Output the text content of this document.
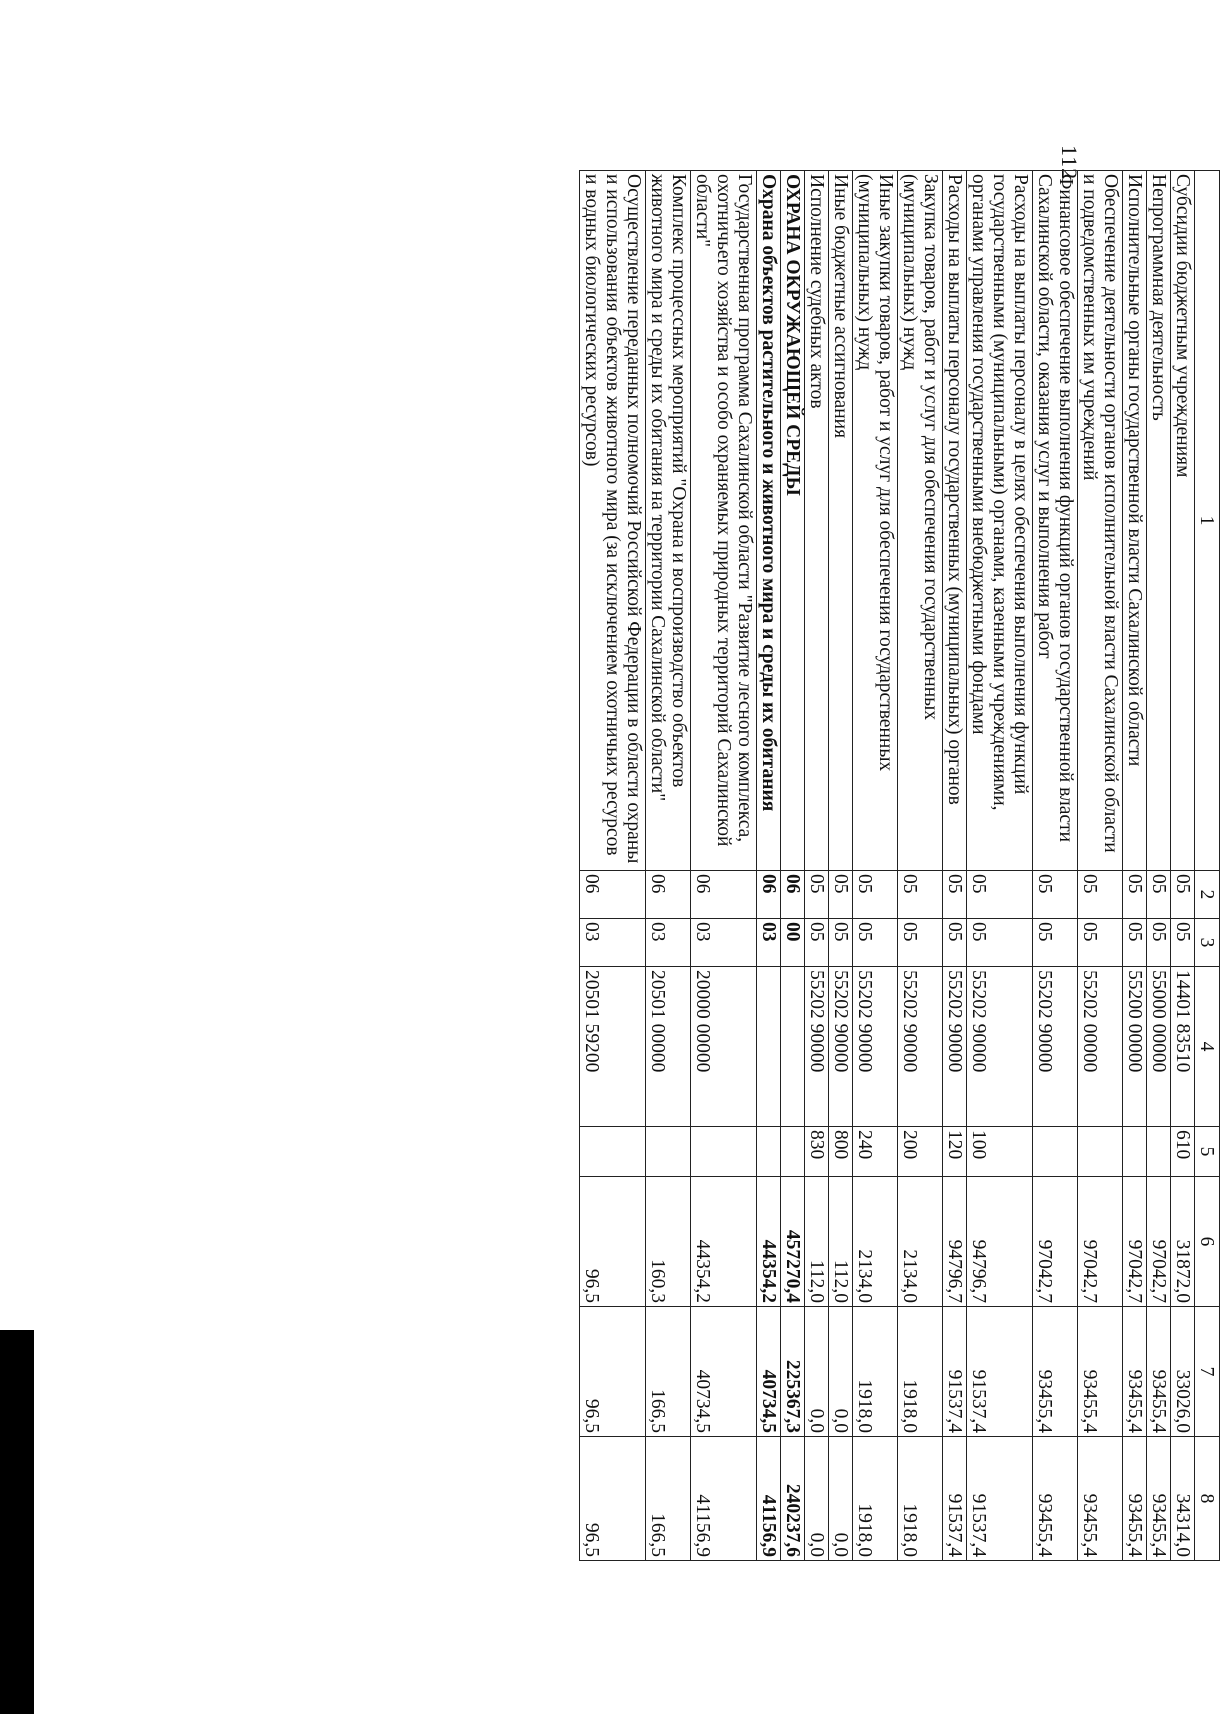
112
1	2	3	4	5	6	7	8
Субсидии бюджетным учреждениям	05	05	14401 83510	610	31872,0	33026,0	34314,0
Непрограммная деятельность	05	05	55000 00000		97042,7	93455,4	93455,4
Исполнительные органы государственной власти Сахалинской области	05	05	55200 00000		97042,7	93455,4	93455,4
Обеспечение деятельности органов исполнительной власти Сахалинской области и подведомственных им учреждений	05	05	55202 00000		97042,7	93455,4	93455,4
Финансовое обеспечение выполнения функций органов государственной власти Сахалинской области, оказания услуг и выполнения работ	05	05	55202 90000		97042,7	93455,4	93455,4
Расходы на выплаты персоналу в целях обеспечения выполнения функций государственными (муниципальными) органами, казенными учреждениями, органами управления государственными внебюджетными фондами	05	05	55202 90000	100	94796,7	91537,4	91537,4
Расходы на выплаты персоналу государственных (муниципальных) органов	05	05	55202 90000	120	94796,7	91537,4	91537,4
Закупка товаров, работ и услуг для обеспечения государственных (муниципальных) нужд	05	05	55202 90000	200	2134,0	1918,0	1918,0
Иные закупки товаров, работ и услуг для обеспечения государственных (муниципальных) нужд	05	05	55202 90000	240	2134,0	1918,0	1918,0
Иные бюджетные ассигнования	05	05	55202 90000	800	112,0	0,0	0,0
Исполнение судебных актов	05	05	55202 90000	830	112,0	0,0	0,0
ОХРАНА ОКРУЖАЮЩЕЙ СРЕДЫ	06	00			457270,4	225367,3	240237,6
Охрана объектов растительного и животного мира и среды их обитания	06	03			44354,2	40734,5	41156,9
Государственная программа Сахалинской области "Развитие лесного комплекса, охотничьего хозяйства и особо охраняемых природных территорий Сахалинской области"	06	03	20000 00000		44354,2	40734,5	41156,9
Комплекс процессных мероприятий "Охрана и воспроизводство объектов животного мира и среды их обитания на территории Сахалинской области"	06	03	20501 00000		160,3	166,5	166,5
Осуществление переданных полномочий Российской Федерации в области охраны и использования объектов животного мира (за исключением охотничьих ресурсов и водных биологических ресурсов)	06	03	20501 59200		96,5	96,5	96,5
